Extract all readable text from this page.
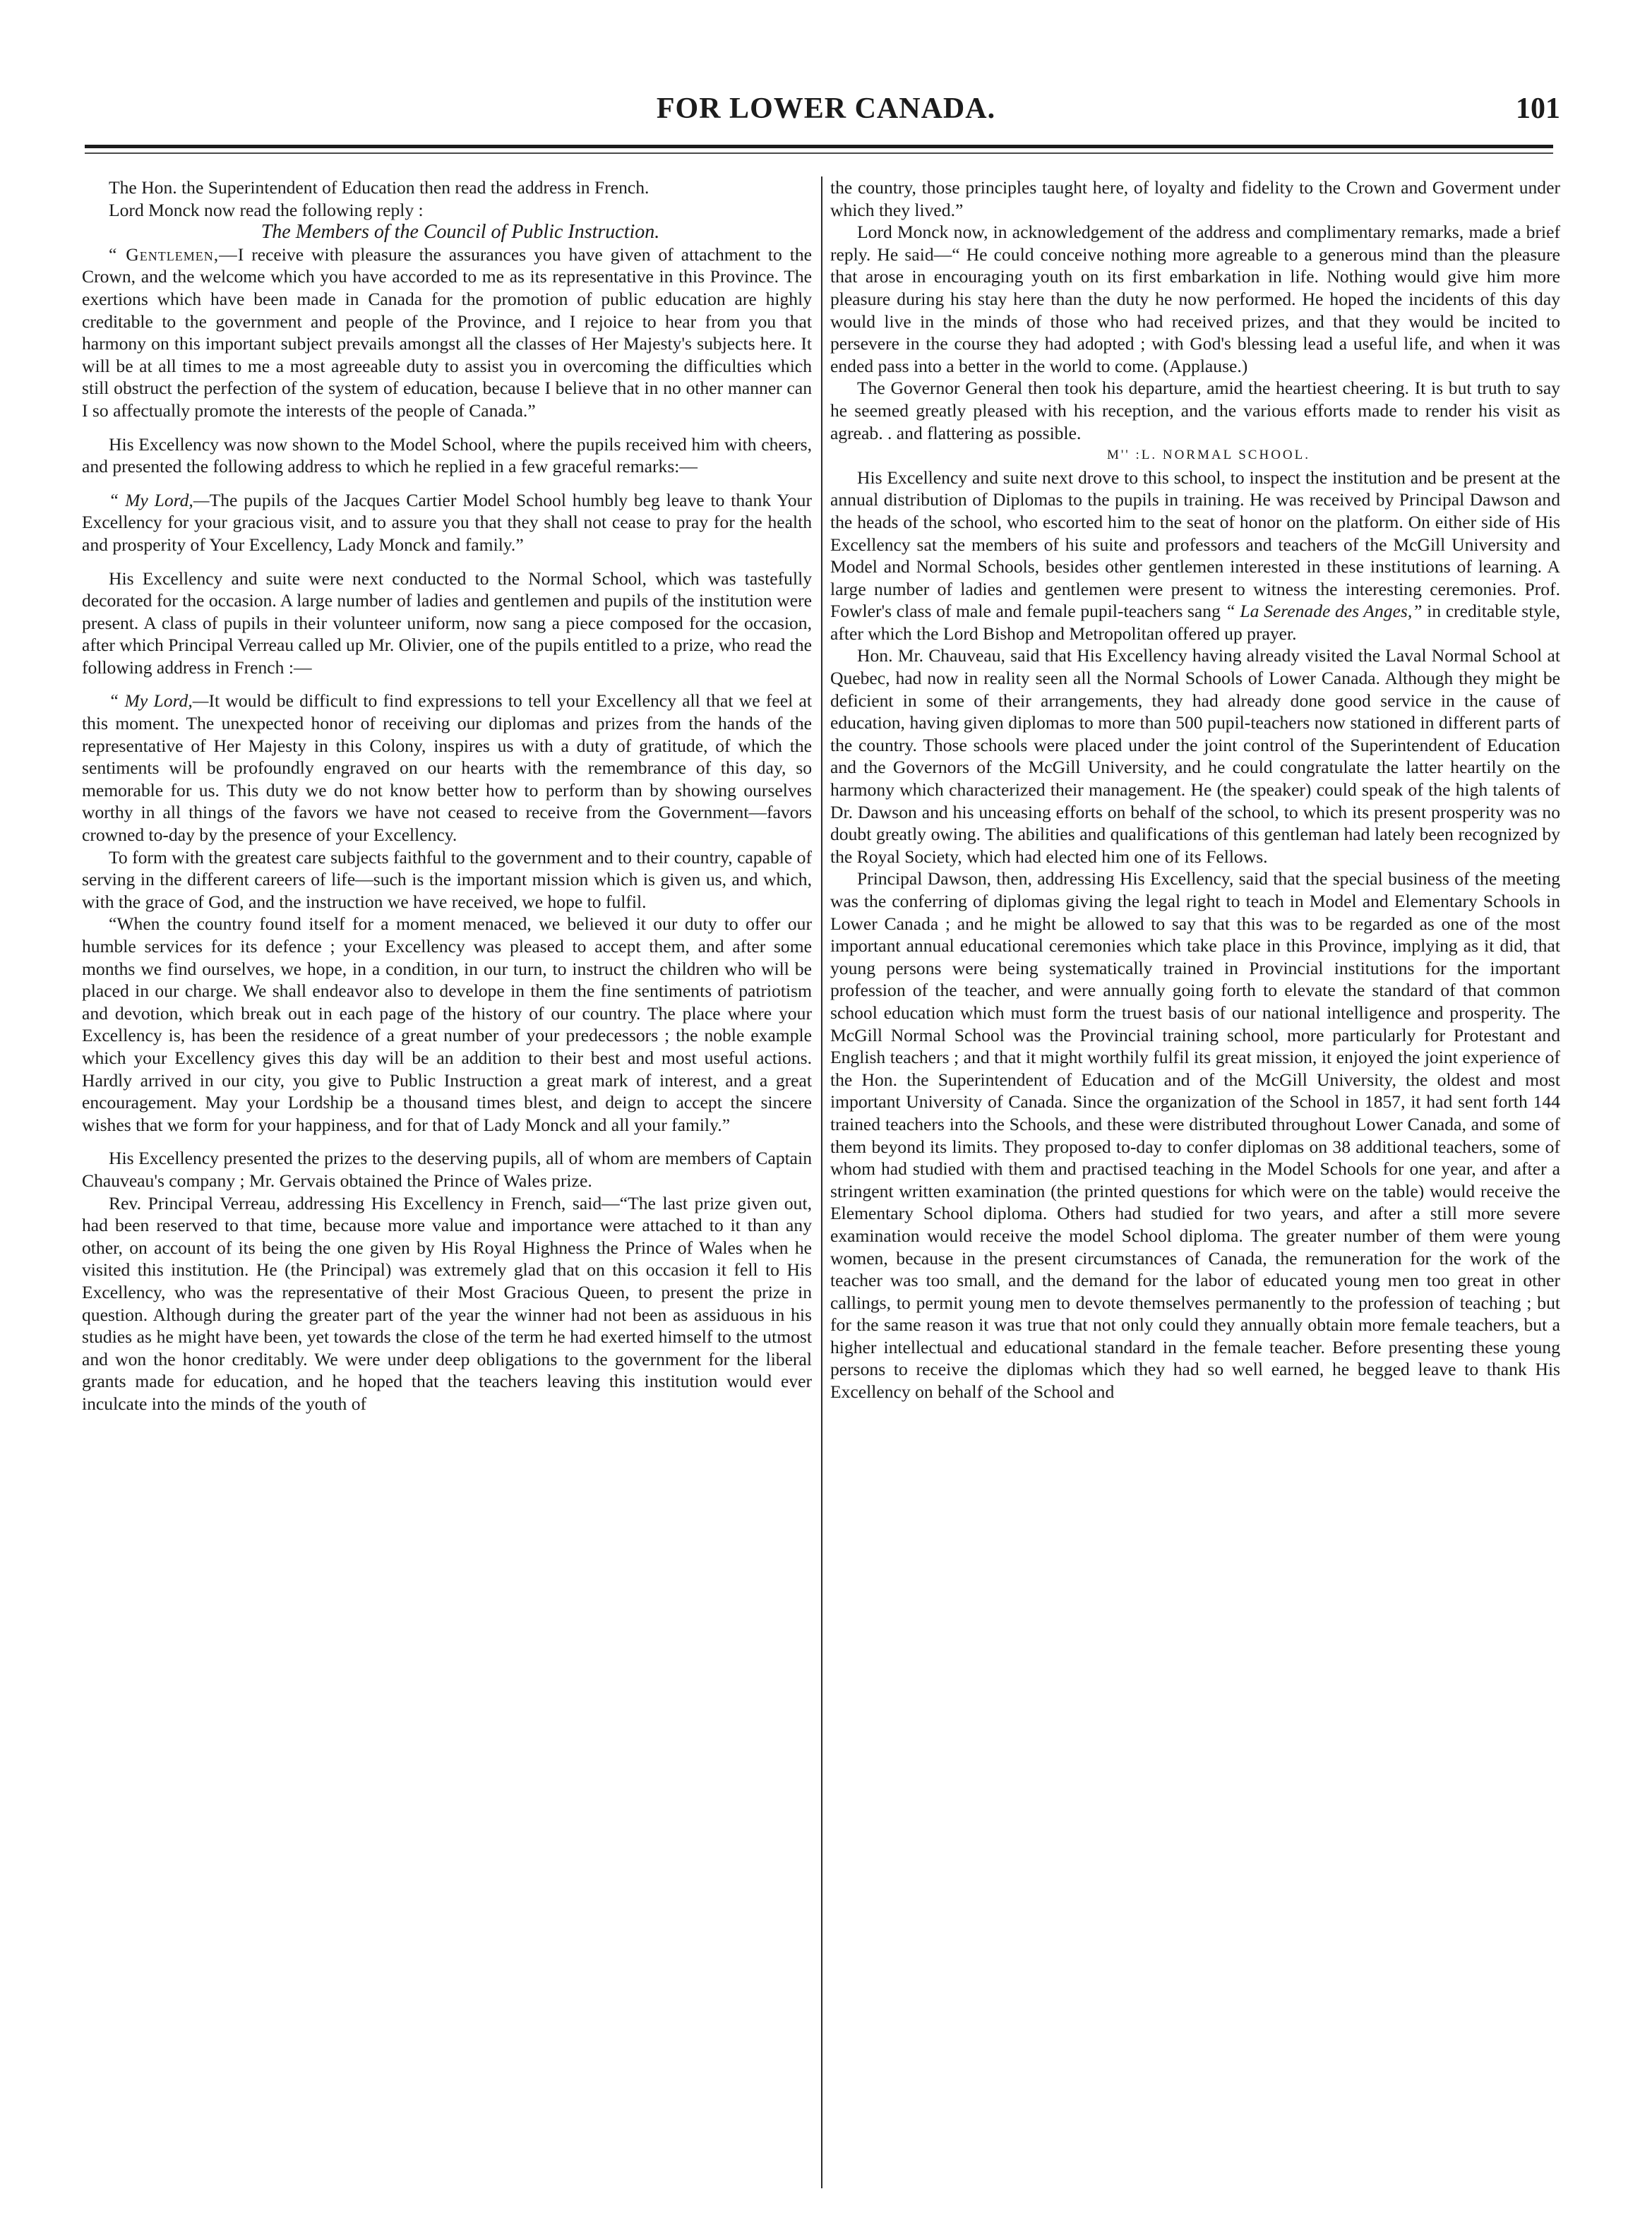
FOR LOWER CANADA.	101

The Hon. the Superintendent of Education then read the address in French.

Lord Monck now read the following reply :

The Members of the Council of Public Instruction.

“ Gentlemen,—I receive with pleasure the assurances you have given of attachment to the Crown, and the welcome which you have accorded to me as its representative in this Province. The exertions which have been made in Canada for the promotion of public education are highly creditable to the government and people of the Province, and I rejoice to hear from you that harmony on this important subject prevails amongst all the classes of Her Majesty's subjects here. It will be at all times to me a most agreeable duty to assist you in overcoming the difficulties which still obstruct the perfection of the system of education, because I believe that in no other manner can I so affectually promote the interests of the people of Canada.”

His Excellency was now shown to the Model School, where the pupils received him with cheers, and presented the following address to which he replied in a few graceful remarks:—

“ My Lord,—The pupils of the Jacques Cartier Model School humbly beg leave to thank Your Excellency for your gracious visit, and to assure you that they shall not cease to pray for the health and prosperity of Your Excellency, Lady Monck and family.”

His Excellency and suite were next conducted to the Normal School, which was tastefully decorated for the occasion. A large number of ladies and gentlemen and pupils of the institution were present. A class of pupils in their volunteer uniform, now sang a piece composed for the occasion, after which Principal Verreau called up Mr. Olivier, one of the pupils entitled to a prize, who read the following address in French :—

“ My Lord,—It would be difficult to find expressions to tell your Excellency all that we feel at this moment. The unexpected honor of receiving our diplomas and prizes from the hands of the representative of Her Majesty in this Colony, inspires us with a duty of gratitude, of which the sentiments will be profoundly engraved on our hearts with the remembrance of this day, so memorable for us. This duty we do not know better how to perform than by showing ourselves worthy in all things of the favors we have not ceased to receive from the Government—favors crowned to-day by the presence of your Excellency.

To form with the greatest care subjects faithful to the government and to their country, capable of serving in the different careers of life—such is the important mission which is given us, and which, with the grace of God, and the instruction we have received, we hope to fulfil.

“When the country found itself for a moment menaced, we believed it our duty to offer our humble services for its defence ; your Excellency was pleased to accept them, and after some months we find ourselves, we hope, in a condition, in our turn, to instruct the children who will be placed in our charge. We shall endeavor also to develope in them the fine sentiments of patriotism and devotion, which break out in each page of the history of our country. The place where your Excellency is, has been the residence of a great number of your predecessors ; the noble example which your Excellency gives this day will be an addition to their best and most useful actions. Hardly arrived in our city, you give to Public Instruction a great mark of interest, and a great encouragement. May your Lordship be a thousand times blest, and deign to accept the sincere wishes that we form for your happiness, and for that of Lady Monck and all your family.”

His Excellency presented the prizes to the deserving pupils, all of whom are members of Captain Chauveau's company ; Mr. Gervais obtained the Prince of Wales prize.

Rev. Principal Verreau, addressing His Excellency in French, said—“The last prize given out, had been reserved to that time, because more value and importance were attached to it than any other, on account of its being the one given by His Royal Highness the Prince of Wales when he visited this institution. He (the Principal) was extremely glad that on this occasion it fell to His Excellency, who was the representative of their Most Gracious Queen, to present the prize in question. Although during the greater part of the year the winner had not been as assiduous in his studies as he might have been, yet towards the close of the term he had exerted himself to the utmost and won the honor creditably. We were under deep obligations to the government for the liberal grants made for education, and he hoped that the teachers leaving this institution would ever inculcate into the minds of the youth of

the country, those principles taught here, of loyalty and fidelity to the Crown and Goverment under which they lived.”

Lord Monck now, in acknowledgement of the address and complimentary remarks, made a brief reply. He said—“ He could conceive nothing more agreable to a generous mind than the pleasure that arose in encouraging youth on its first embarkation in life. Nothing would give him more pleasure during his stay here than the duty he now performed. He hoped the incidents of this day would live in the minds of those who had received prizes, and that they would be incited to persevere in the course they had adopted ; with God's blessing lead a useful life, and when it was ended pass into a better in the world to come. (Applause.)

The Governor General then took his departure, amid the heartiest cheering. It is but truth to say he seemed greatly pleased with his reception, and the various efforts made to render his visit as agreab. . and flattering as possible.

M'' :L. NORMAL SCHOOL.

His Excellency and suite next drove to this school, to inspect the institution and be present at the annual distribution of Diplomas to the pupils in training. He was received by Principal Dawson and the heads of the school, who escorted him to the seat of honor on the platform. On either side of His Excellency sat the members of his suite and professors and teachers of the McGill University and Model and Normal Schools, besides other gentlemen interested in these institutions of learning. A large number of ladies and gentlemen were present to witness the interesting ceremonies. Prof. Fowler's class of male and female pupil-teachers sang “ La Serenade des Anges,” in creditable style, after which the Lord Bishop and Metropolitan offered up prayer.

Hon. Mr. Chauveau, said that His Excellency having already visited the Laval Normal School at Quebec, had now in reality seen all the Normal Schools of Lower Canada. Although they might be deficient in some of their arrangements, they had already done good service in the cause of education, having given diplomas to more than 500 pupil-teachers now stationed in different parts of the country. Those schools were placed under the joint control of the Superintendent of Education and the Governors of the McGill University, and he could congratulate the latter heartily on the harmony which characterized their management. He (the speaker) could speak of the high talents of Dr. Dawson and his unceasing efforts on behalf of the school, to which its present prosperity was no doubt greatly owing. The abilities and qualifications of this gentleman had lately been recognized by the Royal Society, which had elected him one of its Fellows.

Principal Dawson, then, addressing His Excellency, said that the special business of the meeting was the conferring of diplomas giving the legal right to teach in Model and Elementary Schools in Lower Canada ; and he might be allowed to say that this was to be regarded as one of the most important annual educational ceremonies which take place in this Province, implying as it did, that young persons were being systematically trained in Provincial institutions for the important profession of the teacher, and were annually going forth to elevate the standard of that common school education which must form the truest basis of our national intelligence and prosperity. The McGill Normal School was the Provincial training school, more particularly for Protestant and English teachers ; and that it might worthily fulfil its great mission, it enjoyed the joint experience of the Hon. the Superintendent of Education and of the McGill University, the oldest and most important University of Canada. Since the organization of the School in 1857, it had sent forth 144 trained teachers into the Schools, and these were distributed throughout Lower Canada, and some of them beyond its limits. They proposed to-day to confer diplomas on 38 additional teachers, some of whom had studied with them and practised teaching in the Model Schools for one year, and after a stringent written examination (the printed questions for which were on the table) would receive the Elementary School diploma. Others had studied for two years, and after a still more severe examination would receive the model School diploma. The greater number of them were young women, because in the present circumstances of Canada, the remuneration for the work of the teacher was too small, and the demand for the labor of educated young men too great in other callings, to permit young men to devote themselves permanently to the profession of teaching ; but for the same reason it was true that not only could they annually obtain more female teachers, but a higher intellectual and educational standard in the female teacher. Before presenting these young persons to receive the diplomas which they had so well earned, he begged leave to thank His Excellency on behalf of the School and
